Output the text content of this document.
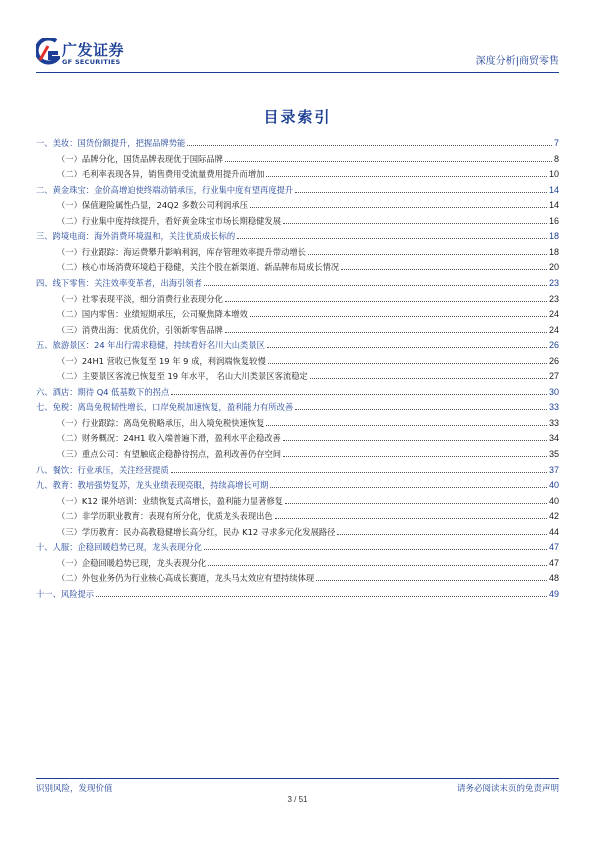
广发证券
GF SECURITIES	深度分析|商贸零售
目录索引
一、美妆：国货份额提升，把握品牌势能	7
（一）品牌分化，国货品牌表现优于国际品牌	8
（二）毛利率表现各异，销售费用受流量费用提升而增加	10
二、黄金珠宝：金价高增迫使终端动销承压，行业集中度有望再度提升	14
（一）保值避险属性凸显，24Q2 多数公司利润承压	14
（二）行业集中度持续提升，看好黄金珠宝市场长期稳健发展	16
三、跨境电商：海外消费环境温和，关注优质成长标的	18
（一）行业跟踪：海运费攀升影响利润，库存管理效率提升带动增长	18
（二）核心市场消费环境趋于稳健，关注个股在新渠道、新品牌布局成长情况	20
四、线下零售：关注效率变革者，出海引领者	23
（一）社零表现平淡，细分消费行业表现分化	23
（二）国内零售：业绩短期承压，公司聚焦降本增效	24
（三）消费出海：优质优价，引领新零售品牌	24
五、旅游景区：24 年出行需求稳健，持续看好名川大山类景区	26
（一）24H1 营收已恢复至 19 年 9 成，利润端恢复较慢	26
（二）主要景区客流已恢复至 19 年水平， 名山大川类景区客流稳定	27
六、酒店：期待 Q4 低基数下的拐点	30
七、免税：离岛免税韧性增长，口岸免税加速恢复，盈利能力有所改善	33
（一）行业跟踪：离岛免税略承压，出入境免税快速恢复	33
（二）财务概况：24H1 收入端普遍下滑，盈利水平企稳改善	34
（三）重点公司：有望触底企稳静待拐点，盈利改善仍存空间	35
八、餐饮：行业承压，关注经营提质	37
九、教育：教培强势复苏，龙头业绩表现亮眼，持续高增长可期	40
（一）K12 课外培训：业绩恢复式高增长，盈利能力显著修复	40
（二）非学历职业教育：表现有所分化，优质龙头表现出色	42
（三）学历教育：民办高教稳健增长高分红，民办 K12 寻求多元化发展路径	44
十、人服：企稳回暖趋势已现，龙头表现分化	47
（一）企稳回暖趋势已现，龙头表现分化	47
（二）外包业务仍为行业核心高成长赛道，龙头马太效应有望持续体现	48
十一、风险提示	49
识别风险，发现价值	请务必阅读末页的免责声明
3 / 51
